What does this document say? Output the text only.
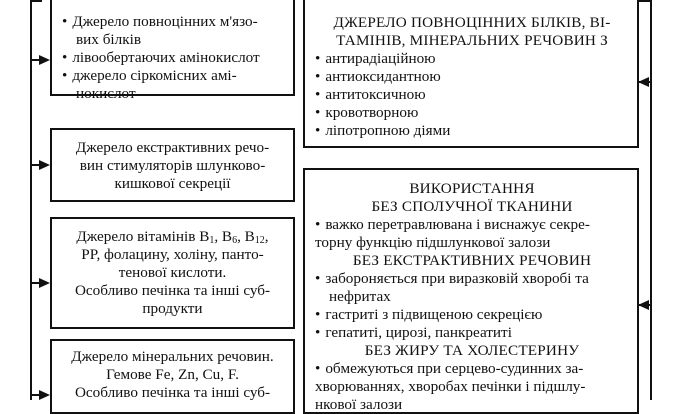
• Джерело повноцінних м'язо-

вих білків

• лівообертаючих амінокислот

• джерело сіркомісних амі-

нокислот

Джерело екстрактивних речо-

вин стимуляторів шлунково-

кишкової секреції

Джерело вітамінів $B_1$, $B_6$, $B_{12}$,

PP, фолацину, холіну, панто-

тенової кислоти.

Особливо печінка та інші суб-

продукти

Джерело мінеральних речовин.

Гемове Fe, Zn, Cu, F.

Особливо печінка та інші суб-

ДЖЕРЕЛО ПОВНОЦІННИХ БІЛКІВ, ВІ-

ТАМІНІВ, МІНЕРАЛЬНИХ РЕЧОВИН З

• антирадіаційною

• антиоксидантною

• антитоксичною

• кровотворною

• ліпотропною діями

ВИКОРИСТАННЯ

БЕЗ СПОЛУЧНОЇ ТКАНИНИ

• важко перетравлювана і виснажує секре-

торну функцію підшлункової залози

БЕЗ ЕКСТРАКТИВНИХ РЕЧОВИН

• забороняється при виразковій хворобі та

нефритах

• гастриті з підвищеною секрецією

• гепатиті, цирозі, панкреатиті

БЕЗ ЖИРУ ТА ХОЛЕСТЕРИНУ

• обмежуються при серцево-судинних за-

хворюваннях, хворобах печінки і підшлу-

нкової залози
